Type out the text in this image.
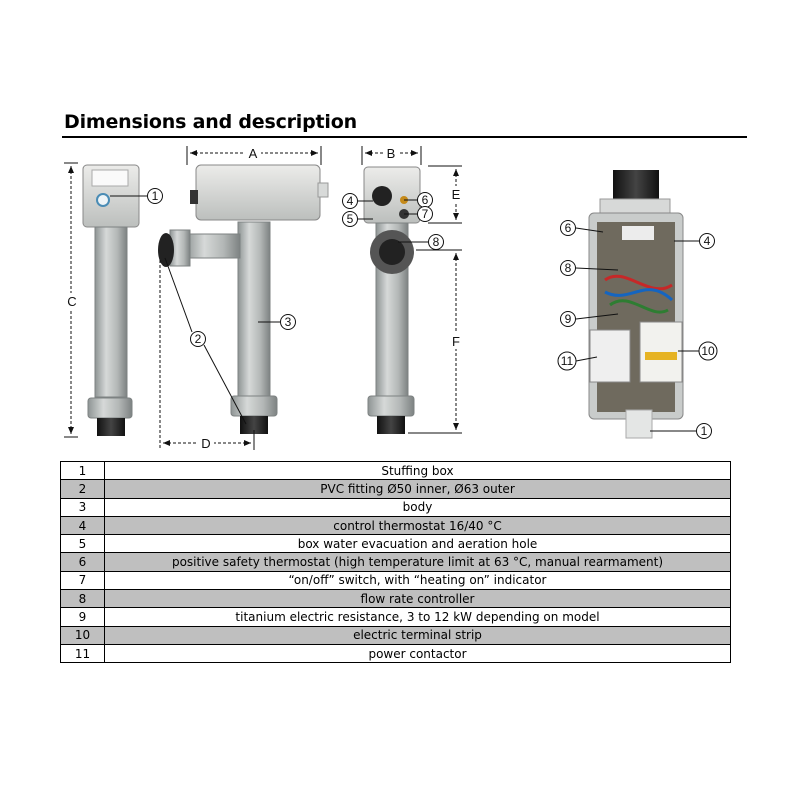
Dimensions and description
A	B
C
D
E
F
1
2
3
4
5
6
7
8
6
4
8
9
11
10
1
1	Stuffing box
2	PVC fitting Ø50 inner, Ø63 outer
3	body
4	control thermostat 16/40 °C
5	box water evacuation and aeration hole
6	positive safety thermostat (high temperature limit at 63 °C, manual rearmament)
7	“on/off” switch, with “heating on” indicator
8	flow rate controller
9	titanium electric resistance, 3 to 12 kW depending on model
10	electric terminal strip
11	power contactor
